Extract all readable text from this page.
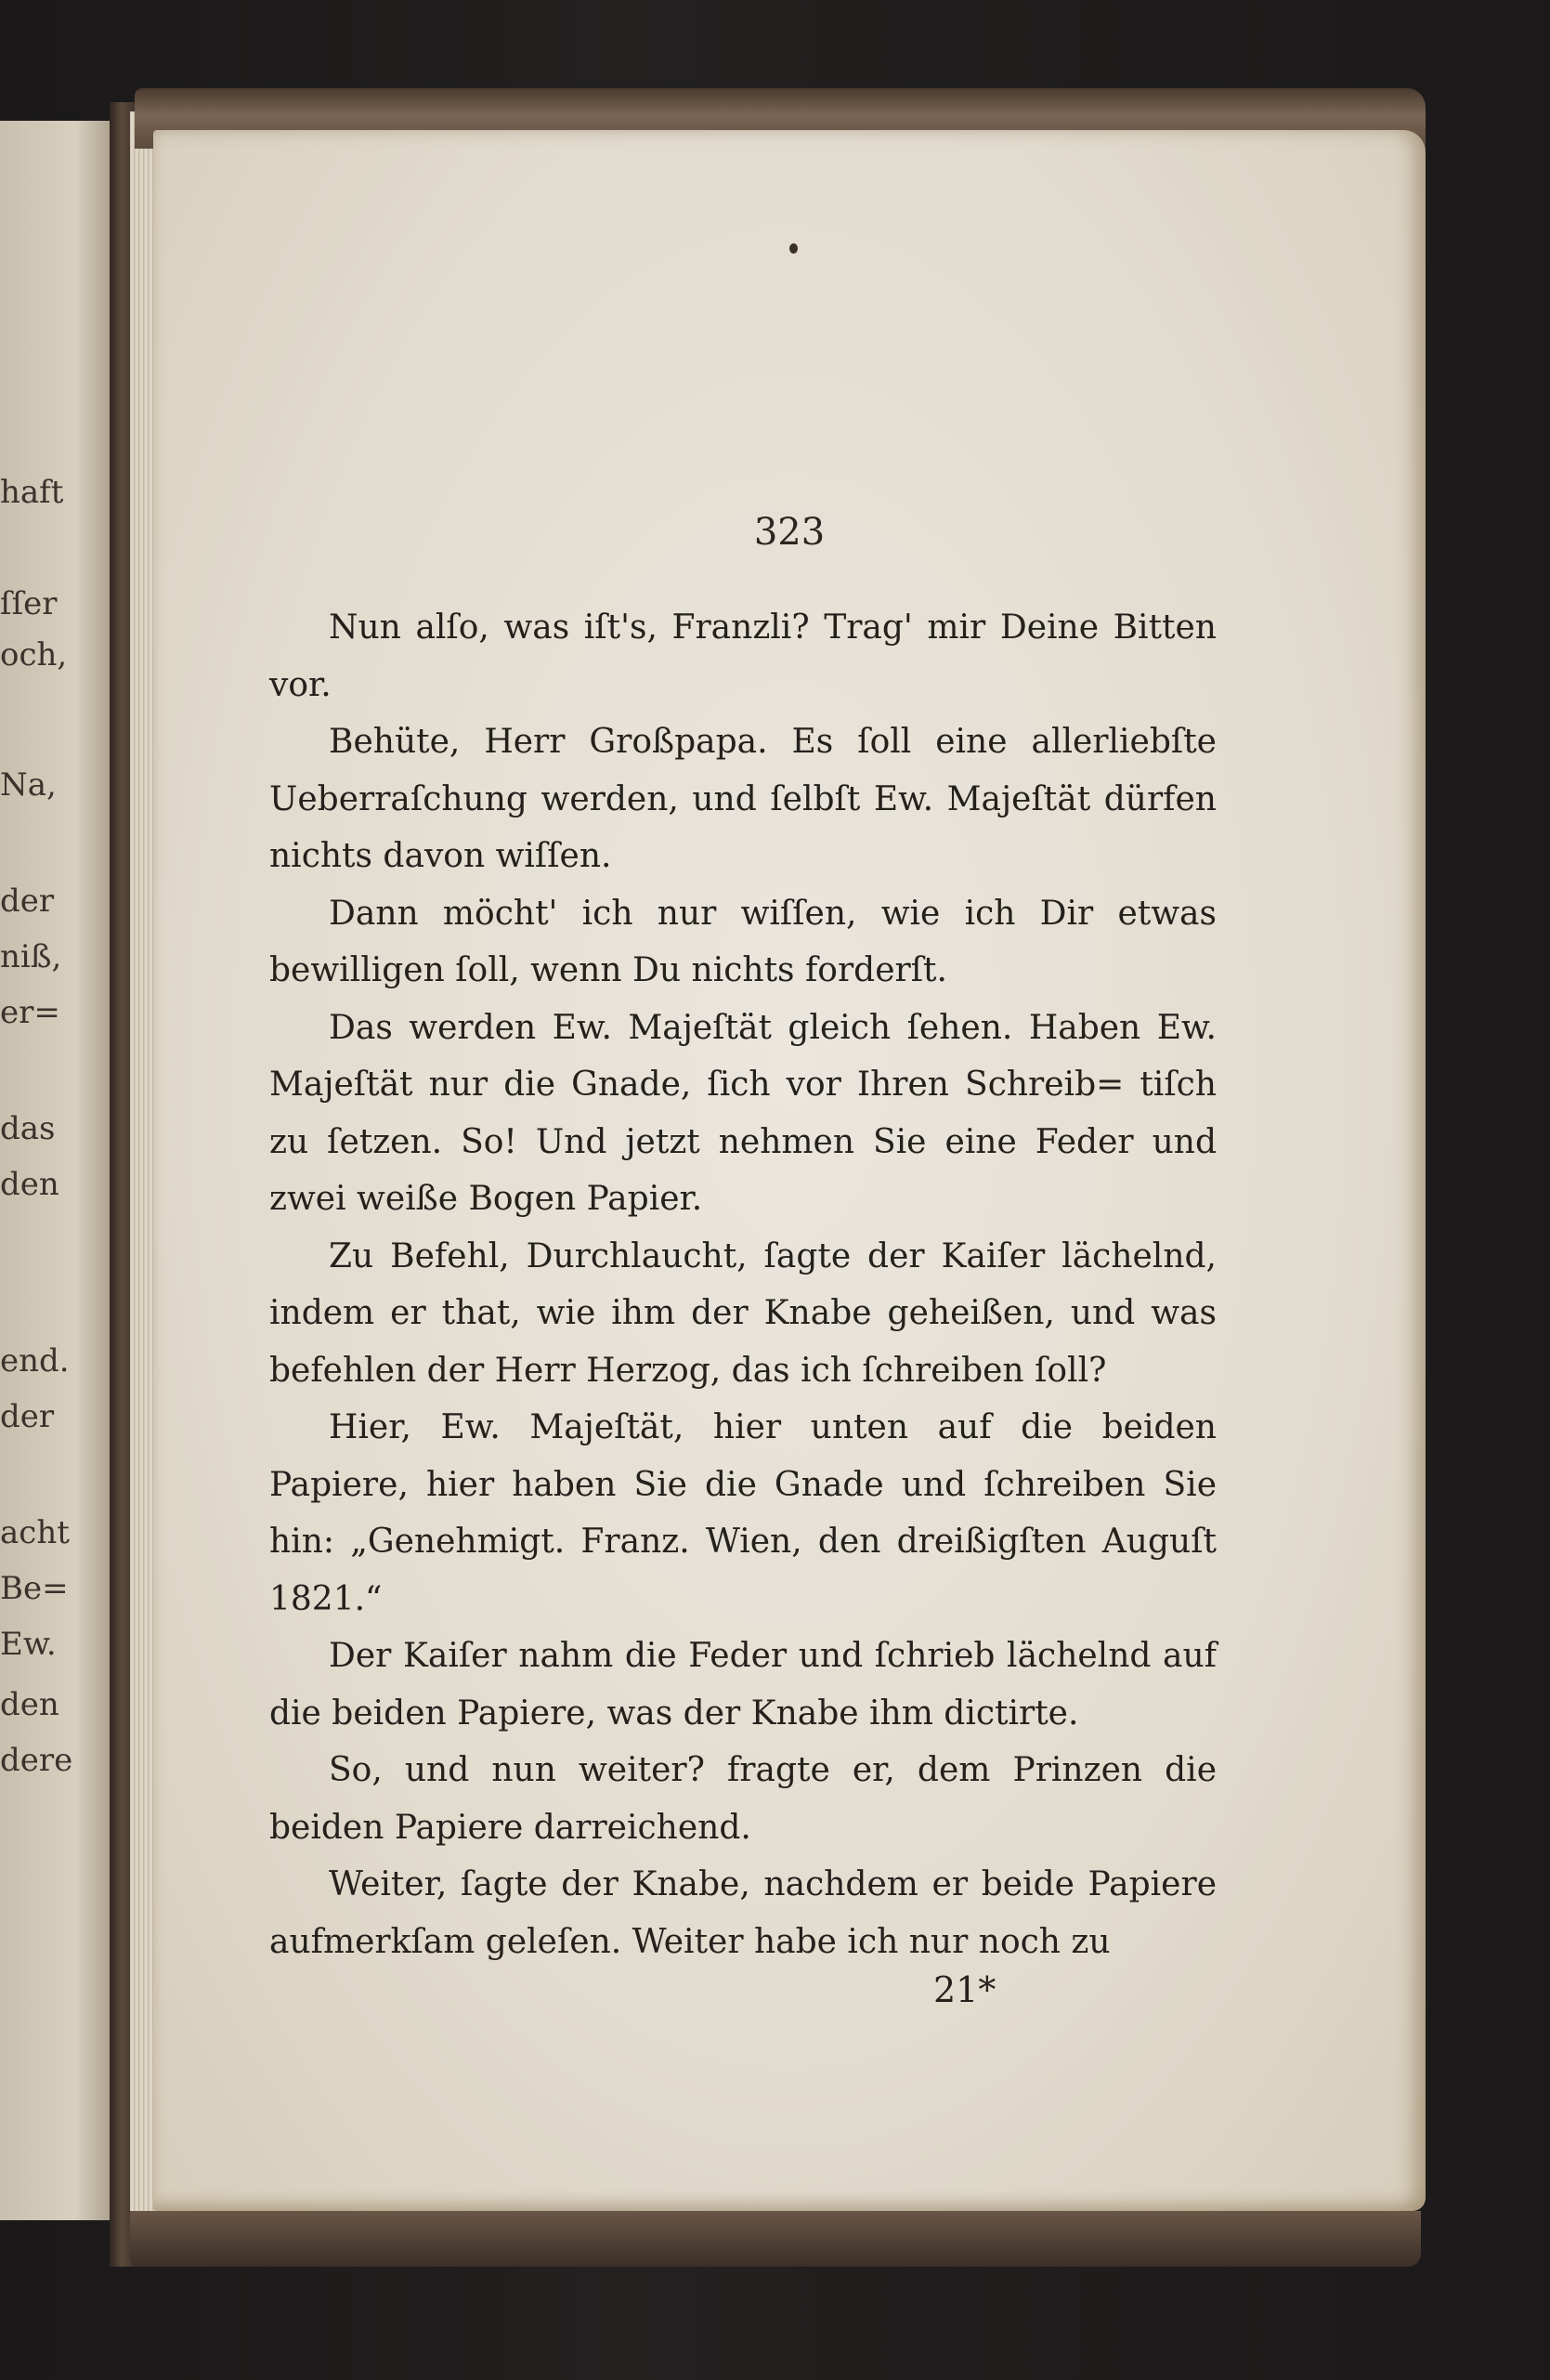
haft
ſſer
och,
Na,
der
niß,
er=
das
den
end.
der
acht
Be=
Ew.
den
dere
323

Nun alſo, was iſt's, Franzli? Trag' mir Deine Bitten vor.

Behüte, Herr Großpapa. Es ſoll eine allerliebſte Ueberraſchung werden, und ſelbſt Ew. Majeſtät dürfen nichts davon wiſſen.

Dann möcht' ich nur wiſſen, wie ich Dir etwas bewilligen ſoll, wenn Du nichts forderſt.

Das werden Ew. Majeſtät gleich ſehen. Haben Ew. Majeſtät nur die Gnade, ſich vor Ihren Schreib= tiſch zu ſetzen. So! Und jetzt nehmen Sie eine Feder und zwei weiße Bogen Papier.

Zu Befehl, Durchlaucht, ſagte der Kaiſer lächelnd, indem er that, wie ihm der Knabe geheißen, und was befehlen der Herr Herzog, das ich ſchreiben ſoll?

Hier, Ew. Majeſtät, hier unten auf die beiden Papiere, hier haben Sie die Gnade und ſchreiben Sie hin: „Genehmigt. Franz. Wien, den dreißigſten Auguſt 1821.“

Der Kaiſer nahm die Feder und ſchrieb lächelnd auf die beiden Papiere, was der Knabe ihm dictirte.

So, und nun weiter? fragte er, dem Prinzen die beiden Papiere darreichend.

Weiter, ſagte der Knabe, nachdem er beide Papiere aufmerkſam geleſen. Weiter habe ich nur noch zu

21*
